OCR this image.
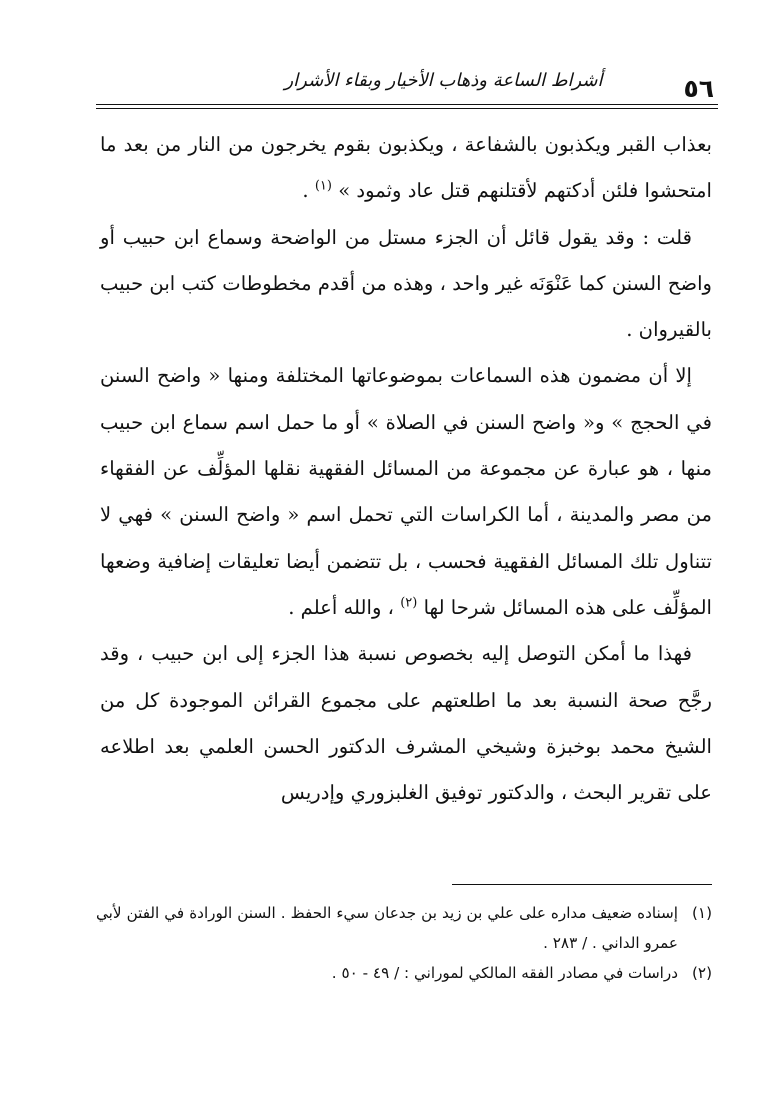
٥٦
أشراط الساعة وذهاب الأخيار وبقاء الأشرار

بعذاب القبر ويكذبون بالشفاعة ، ويكذبون بقوم يخرجون من النار من بعد ما امتحشوا فلئن أدكتهم لأقتلنهم قتل عاد وثمود » $^{(١)}$ .

قلت : وقد يقول قائل أن الجزء مستل من الواضحة وسماع ابن حبيب أو واضح السنن كما عَنْوَنَه غير واحد ، وهذه من أقدم مخطوطات كتب ابن حبيب بالقيروان .

إلا أن مضمون هذه السماعات بموضوعاتها المختلفة ومنها « واضح السنن في الحجج » و« واضح السنن في الصلاة » أو ما حمل اسم سماع ابن حبيب منها ، هو عبارة عن مجموعة من المسائل الفقهية نقلها المؤلِّف عن الفقهاء من مصر والمدينة ، أما الكراسات التي تحمل اسم « واضح السنن » فهي لا تتناول تلك المسائل الفقهية فحسب ، بل تتضمن أيضا تعليقات إضافية وضعها المؤلِّف على هذه المسائل شرحا لها $^{(٢)}$ ، والله أعلم .

فهذا ما أمكن التوصل إليه بخصوص نسبة هذا الجزء إلى ابن حبيب ، وقد رجَّح صحة النسبة بعد ما اطلعتهم على مجموع القرائن الموجودة كل من الشيخ محمد بوخبزة وشيخي المشرف الدكتور الحسن العلمي بعد اطلاعه على تقرير البحث ، والدكتور توفيق الغلبزوري وإدريس

(١)
إسناده ضعيف مداره على علي بن زيد بن جدعان سيء الحفظ . السنن الورادة في الفتن لأبي عمرو الداني . / ٢٨٣ .
(٢)
دراسات في مصادر الفقه المالكي لموراني : / ٤٩ - ٥٠ .
